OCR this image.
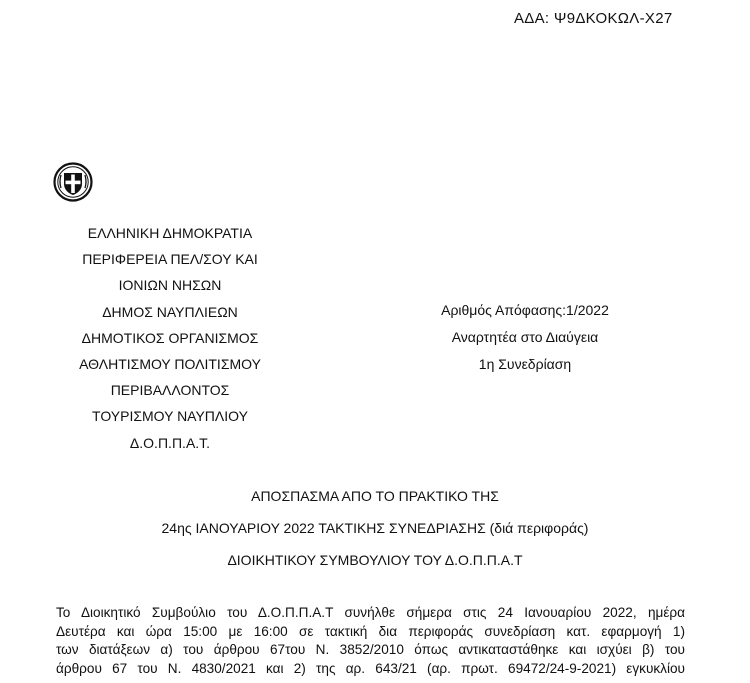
ΑΔΑ: Ψ9ΔΚΟΚΩΛ-Χ27
ΕΛΛΗΝΙΚΗ ΔΗΜΟΚΡΑΤΙΑ
ΠΕΡΙΦΕΡΕΙΑ ΠΕΛ/ΣΟΥ ΚΑΙ
ΙΟΝΙΩΝ ΝΗΣΩΝ
ΔΗΜΟΣ ΝΑΥΠΛΙΕΩΝ
ΔΗΜΟΤΙΚΟΣ ΟΡΓΑΝΙΣΜΟΣ
ΑΘΛΗΤΙΣΜΟΥ ΠΟΛΙΤΙΣΜΟΥ
ΠΕΡΙΒΑΛΛΟΝΤΟΣ
ΤΟΥΡΙΣΜΟΥ ΝΑΥΠΛΙΟΥ
Δ.Ο.Π.Π.Α.Τ.
Αριθμός Απόφασης:1/2022
Αναρτητέα στο Διαύγεια
1η Συνεδρίαση
ΑΠΟΣΠΑΣΜΑ ΑΠΟ ΤΟ ΠΡΑΚΤΙΚΟ ΤΗΣ
24ης ΙΑΝΟΥΑΡΙΟΥ 2022 ΤΑΚΤΙΚΗΣ ΣΥΝΕΔΡΙΑΣΗΣ (διά περιφοράς)
ΔΙΟΙΚΗΤΙΚΟΥ ΣΥΜΒΟΥΛΙΟΥ ΤΟΥ Δ.Ο.Π.Π.Α.Τ
Το Διοικητικό Συμβούλιο του Δ.Ο.Π.Π.Α.Τ συνήλθε σήμερα στις 24 Ιανουαρίου 2022, ημέρα
Δευτέρα και ώρα 15:00 με 16:00 σε τακτική δια περιφοράς συνεδρίαση κατ. εφαρμογή 1)
των διατάξεων α) του άρθρου 67του Ν. 3852/2010 όπως αντικαταστάθηκε και ισχύει β) του
άρθρου 67 του Ν. 4830/2021 και 2) της αρ. 643/21 (αρ. πρωτ. 69472/24-9-2021) εγκυκλίου
